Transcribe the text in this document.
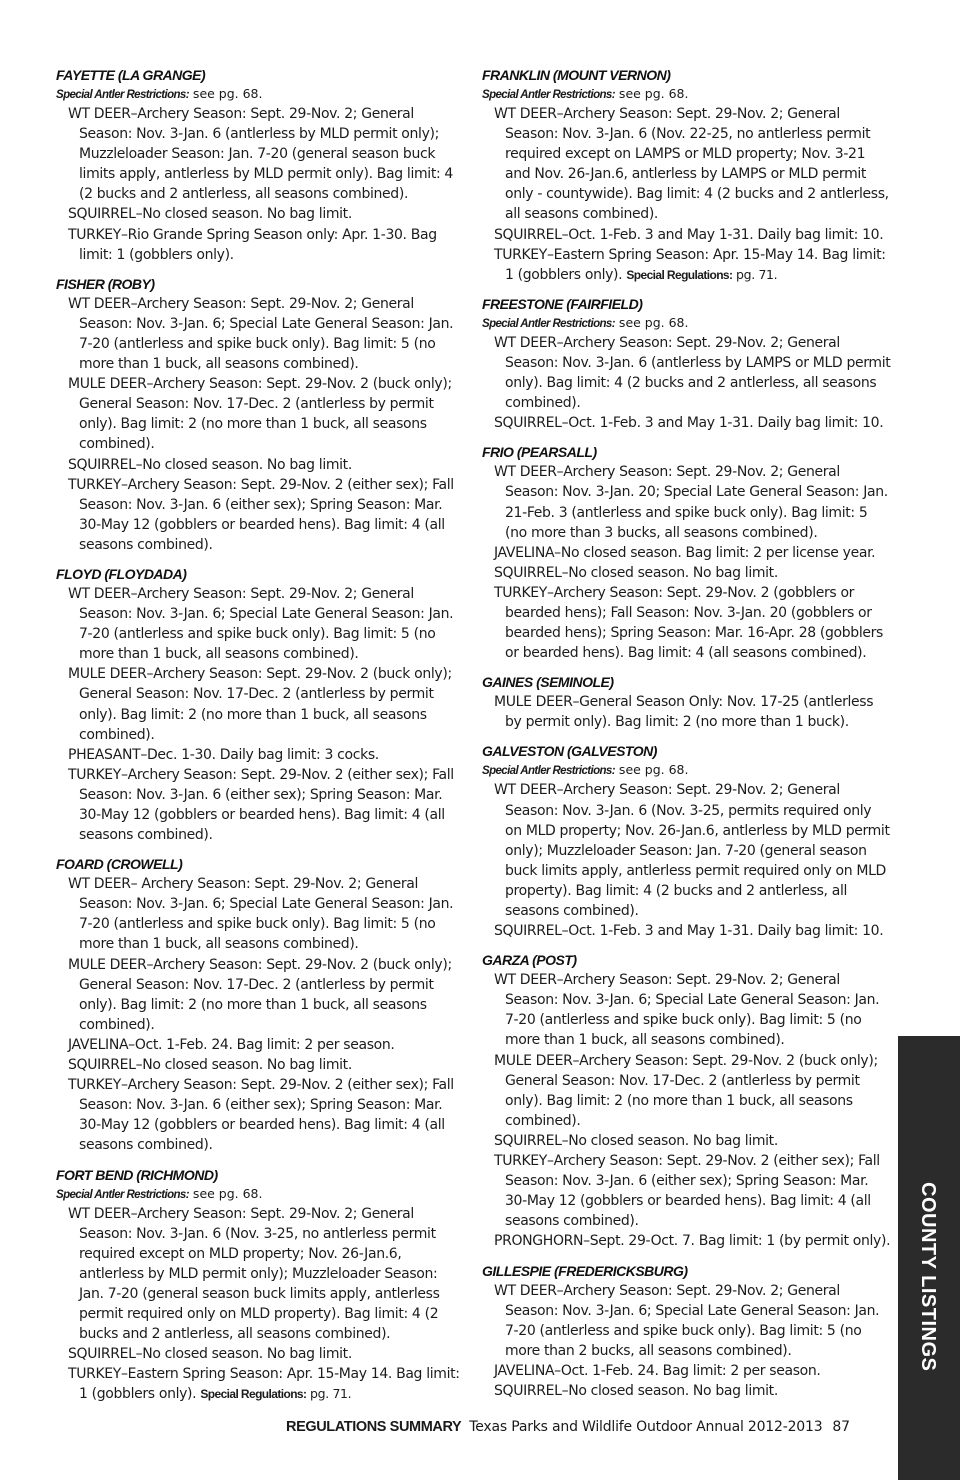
FAYETTE (LA GRANGE)

Special Antler Restrictions: see pg. 68.

WT DEER–Archery Season: Sept. 29-Nov. 2; General Season: Nov. 3-Jan. 6 (antlerless by MLD permit only); Muzzleloader Season: Jan. 7-20 (general season buck limits apply, antlerless by MLD permit only). Bag limit: 4 (2 bucks and 2 antlerless, all seasons combined).

SQUIRREL–No closed season. No bag limit.

TURKEY–Rio Grande Spring Season only: Apr. 1-30. Bag limit: 1 (gobblers only).

FISHER (ROBY)

WT DEER–Archery Season: Sept. 29-Nov. 2; General Season: Nov. 3-Jan. 6; Special Late General Season: Jan. 7-20 (antlerless and spike buck only). Bag limit: 5 (no more than 1 buck, all seasons combined).

MULE DEER–Archery Season: Sept. 29-Nov. 2 (buck only); General Season: Nov. 17-Dec. 2 (antlerless by permit only). Bag limit: 2 (no more than 1 buck, all seasons combined).

SQUIRREL–No closed season. No bag limit.

TURKEY–Archery Season: Sept. 29-Nov. 2 (either sex); Fall Season: Nov. 3-Jan. 6 (either sex); Spring Season: Mar. 30-May 12 (gobblers or bearded hens). Bag limit: 4 (all seasons combined).

FLOYD (FLOYDADA)

WT DEER–Archery Season: Sept. 29-Nov. 2; General Season: Nov. 3-Jan. 6; Special Late General Season: Jan. 7-20 (antlerless and spike buck only). Bag limit: 5 (no more than 1 buck, all seasons combined).

MULE DEER–Archery Season: Sept. 29-Nov. 2 (buck only); General Season: Nov. 17-Dec. 2 (antlerless by permit only). Bag limit: 2 (no more than 1 buck, all seasons combined).

PHEASANT–Dec. 1-30. Daily bag limit: 3 cocks.

TURKEY–Archery Season: Sept. 29-Nov. 2 (either sex); Fall Season: Nov. 3-Jan. 6 (either sex); Spring Season: Mar. 30-May 12 (gobblers or bearded hens). Bag limit: 4 (all seasons combined).

FOARD (CROWELL)

WT DEER– Archery Season: Sept. 29-Nov. 2; General Season: Nov. 3-Jan. 6; Special Late General Season: Jan. 7-20 (antlerless and spike buck only). Bag limit: 5 (no more than 1 buck, all seasons combined).

MULE DEER–Archery Season: Sept. 29-Nov. 2 (buck only); General Season: Nov. 17-Dec. 2 (antlerless by permit only). Bag limit: 2 (no more than 1 buck, all seasons combined).

JAVELINA–Oct. 1-Feb. 24. Bag limit: 2 per season.

SQUIRREL–No closed season. No bag limit.

TURKEY–Archery Season: Sept. 29-Nov. 2 (either sex); Fall Season: Nov. 3-Jan. 6 (either sex); Spring Season: Mar. 30-May 12 (gobblers or bearded hens). Bag limit: 4 (all seasons combined).

FORT BEND (RICHMOND)

Special Antler Restrictions: see pg. 68.

WT DEER–Archery Season: Sept. 29-Nov. 2; General Season: Nov. 3-Jan. 6 (Nov. 3-25, no antlerless permit required except on MLD property; Nov. 26-Jan.6, antlerless by MLD permit only); Muzzleloader Season: Jan. 7-20 (general season buck limits apply, antlerless permit required only on MLD property). Bag limit: 4 (2 bucks and 2 antlerless, all seasons combined).

SQUIRREL–No closed season. No bag limit.

TURKEY–Eastern Spring Season: Apr. 15-May 14. Bag limit: 1 (gobblers only). Special Regulations: pg. 71.

FRANKLIN (MOUNT VERNON)

Special Antler Restrictions: see pg. 68.

WT DEER–Archery Season: Sept. 29-Nov. 2; General Season: Nov. 3-Jan. 6 (Nov. 22-25, no antlerless permit required except on LAMPS or MLD property; Nov. 3-21 and Nov. 26-Jan.6, antlerless by LAMPS or MLD permit only - countywide). Bag limit: 4 (2 bucks and 2 antlerless, all seasons combined).

SQUIRREL–Oct. 1-Feb. 3 and May 1-31. Daily bag limit: 10.

TURKEY–Eastern Spring Season: Apr. 15-May 14. Bag limit: 1 (gobblers only). Special Regulations: pg. 71.

FREESTONE (FAIRFIELD)

Special Antler Restrictions: see pg. 68.

WT DEER–Archery Season: Sept. 29-Nov. 2; General Season: Nov. 3-Jan. 6 (antlerless by LAMPS or MLD permit only). Bag limit: 4 (2 bucks and 2 antlerless, all seasons combined).

SQUIRREL–Oct. 1-Feb. 3 and May 1-31. Daily bag limit: 10.

FRIO (PEARSALL)

WT DEER–Archery Season: Sept. 29-Nov. 2; General Season: Nov. 3-Jan. 20; Special Late General Season: Jan. 21-Feb. 3 (antlerless and spike buck only). Bag limit: 5 (no more than 3 bucks, all seasons combined).

JAVELINA–No closed season. Bag limit: 2 per license year.

SQUIRREL–No closed season. No bag limit.

TURKEY–Archery Season: Sept. 29-Nov. 2 (gobblers or bearded hens); Fall Season: Nov. 3-Jan. 20 (gobblers or bearded hens); Spring Season: Mar. 16-Apr. 28 (gobblers or bearded hens). Bag limit: 4 (all seasons combined).

GAINES (SEMINOLE)

MULE DEER–General Season Only: Nov. 17-25 (antlerless by permit only). Bag limit: 2 (no more than 1 buck).

GALVESTON (GALVESTON)

Special Antler Restrictions: see pg. 68.

WT DEER–Archery Season: Sept. 29-Nov. 2; General Season: Nov. 3-Jan. 6 (Nov. 3-25, permits required only on MLD property; Nov. 26-Jan.6, antlerless by MLD permit only); Muzzleloader Season: Jan. 7-20 (general season buck limits apply, antlerless permit required only on MLD property). Bag limit: 4 (2 bucks and 2 antlerless, all seasons combined).

SQUIRREL–Oct. 1-Feb. 3 and May 1-31. Daily bag limit: 10.

GARZA (POST)

WT DEER–Archery Season: Sept. 29-Nov. 2; General Season: Nov. 3-Jan. 6; Special Late General Season: Jan. 7-20 (antlerless and spike buck only). Bag limit: 5 (no more than 1 buck, all seasons combined).

MULE DEER–Archery Season: Sept. 29-Nov. 2 (buck only); General Season: Nov. 17-Dec. 2 (antlerless by permit only). Bag limit: 2 (no more than 1 buck, all seasons combined).

SQUIRREL–No closed season. No bag limit.

TURKEY–Archery Season: Sept. 29-Nov. 2 (either sex); Fall Season: Nov. 3-Jan. 6 (either sex); Spring Season: Mar. 30-May 12 (gobblers or bearded hens). Bag limit: 4 (all seasons combined).

PRONGHORN–Sept. 29-Oct. 7. Bag limit: 1 (by permit only).

GILLESPIE (FREDERICKSBURG)

WT DEER–Archery Season: Sept. 29-Nov. 2; General Season: Nov. 3-Jan. 6; Special Late General Season: Jan. 7-20 (antlerless and spike buck only). Bag limit: 5 (no more than 2 bucks, all seasons combined).

JAVELINA–Oct. 1-Feb. 24. Bag limit: 2 per season.

SQUIRREL–No closed season. No bag limit.

REGULATIONS SUMMARY Texas Parks and Wildlife Outdoor Annual 2012-2013 87
COUNTY LISTINGS
